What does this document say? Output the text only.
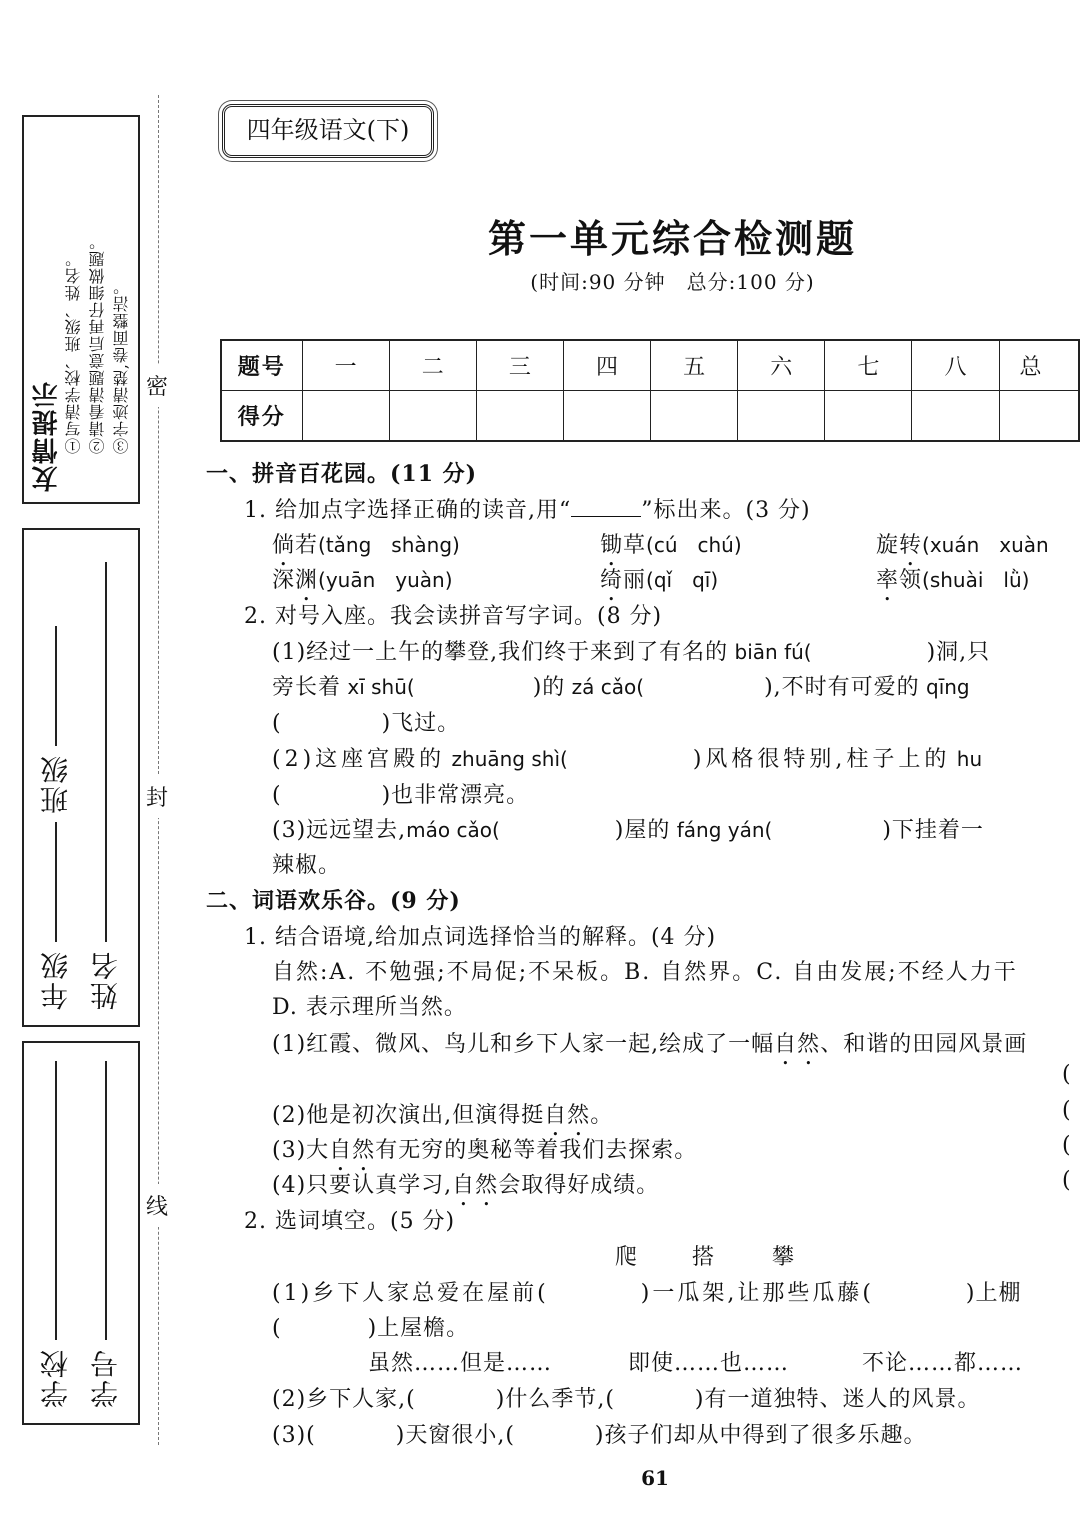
友情提示 ①写清学校、班级、姓名。 ②请看清题意后再仔细做题。 ③字迹清楚,卷面整洁。
年级
班级
姓名
学校 学号
密
封
线
四年级语文(下)
第一单元综合检测题
(时间:90 分钟　总分:100 分)
题号	一	二	三	四	五	六	七	八	总
得分									
一、拼音百花园。(11 分)
1. 给加点字选择正确的读音,用“	”标出来。(3 分)
倘若(tǎng　shàng)	锄草(cú　chú)	旋转(xuán　xuàn
深渊(yuān　yuàn)	绮丽(qǐ　qī)	率领(shuài　lǜ)
2. 对号入座。我会读拼音写字词。(8 分)
(1)经过一上午的攀登,我们终于来到了有名的 biān fú(	)洞,只
旁长着 xī shū(	)的 zá cǎo(	),不时有可爱的 qīng
(	)飞过。
(2)这座宫殿的 zhuāng shì(	)风格很特别,柱子上的 hu
(	)也非常漂亮。
(3)远远望去,máo cǎo(	)屋的 fáng yán(	)下挂着一
辣椒。
二、词语欢乐谷。(9 分)
1. 结合语境,给加点词选择恰当的解释。(4 分)
自然:A. 不勉强;不局促;不呆板。B. 自然界。C. 自由发展;不经人力干
D. 表示理所当然。
(1)红霞、微风、鸟儿和乡下人家一起,绘成了一幅自然、和谐的田园风景画
(
(2)他是初次演出,但演得挺自然。	(
(3)大自然有无穷的奥秘等着我们去探索。	(
(4)只要认真学习,自然会取得好成绩。	(
2. 选词填空。(5 分)
爬 搭	攀
(1)乡下人家总爱在屋前(	)一瓜架,让那些瓜藤(	)上棚
(	)上屋檐。
虽然……但是……	即使……也……	不论……都……
(2)乡下人家,(	)什么季节,(	)有一道独特、迷人的风景。
(3)(	)天窗很小,(	)孩子们却从中得到了很多乐趣。
61
